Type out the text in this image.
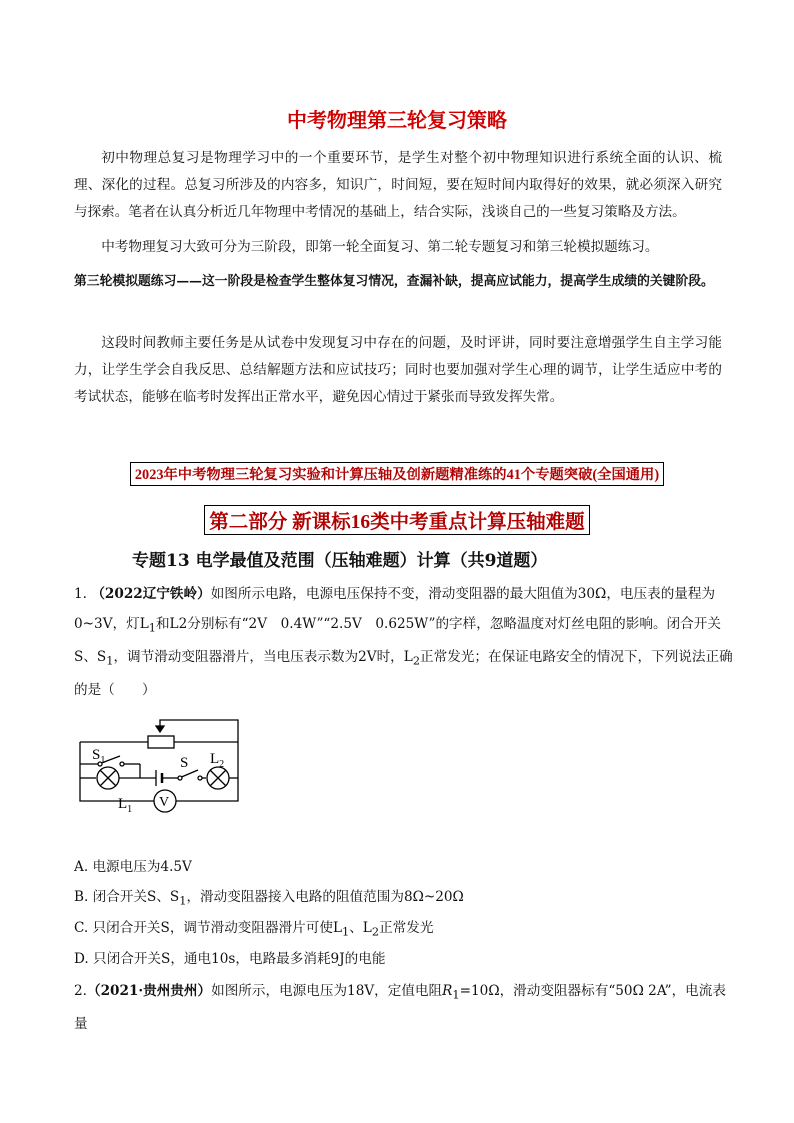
中考物理第三轮复习策略

初中物理总复习是物理学习中的一个重要环节，是学生对整个初中物理知识进行系统全面的认识、梳理、深化的过程。总复习所涉及的内容多，知识广，时间短，要在短时间内取得好的效果，就必须深入研究与探索。笔者在认真分析近几年物理中考情况的基础上，结合实际，浅谈自己的一些复习策略及方法。

中考物理复习大致可分为三阶段，即第一轮全面复习、第二轮专题复习和第三轮模拟题练习。

第三轮模拟题练习——这一阶段是检查学生整体复习情况，查漏补缺，提高应试能力，提高学生成绩的关键阶段。

这段时间教师主要任务是从试卷中发现复习中存在的问题，及时评讲，同时要注意增强学生自主学习能力，让学生学会自我反思、总结解题方法和应试技巧；同时也要加强对学生心理的调节，让学生适应中考的考试状态，能够在临考时发挥出正常水平，避免因心情过于紧张而导致发挥失常。

2023年中考物理三轮复习实验和计算压轴及创新题精准练的41个专题突破(全国通用)
第二部分 新课标16类中考重点计算压轴难题
专题13 电学最值及范围（压轴难题）计算（共9道题）

1. （2022辽宁铁岭）如图所示电路，电源电压保持不变，滑动变阻器的最大阻值为30Ω，电压表的量程为0~3V，灯$L_1$和L2分别标有“2V　0.4W”“2.5V　0.625W”的字样，忽略温度对灯丝电阻的影响。闭合开关S、$S_1$，调节滑动变阻器滑片，当电压表示数为2V时，$L_2$正常发光；在保证电路安全的情况下，下列说法正确的是（　　）

$S_1$	S $L_2$
$L_1$ V
A. 电源电压为4.5V
B. 闭合开关S、$S_1$，滑动变阻器接入电路的阻值范围为8Ω~20Ω
C. 只闭合开关S，调节滑动变阻器滑片可使$L_1$、$L_2$正常发光
D. 只闭合开关S，通电10s，电路最多消耗9J的电能

2.（2021·贵州贵州）如图所示，电源电压为18V，定值电阻$R_1=10\Omega$，滑动变阻器标有“50Ω 2A”，电流表量
